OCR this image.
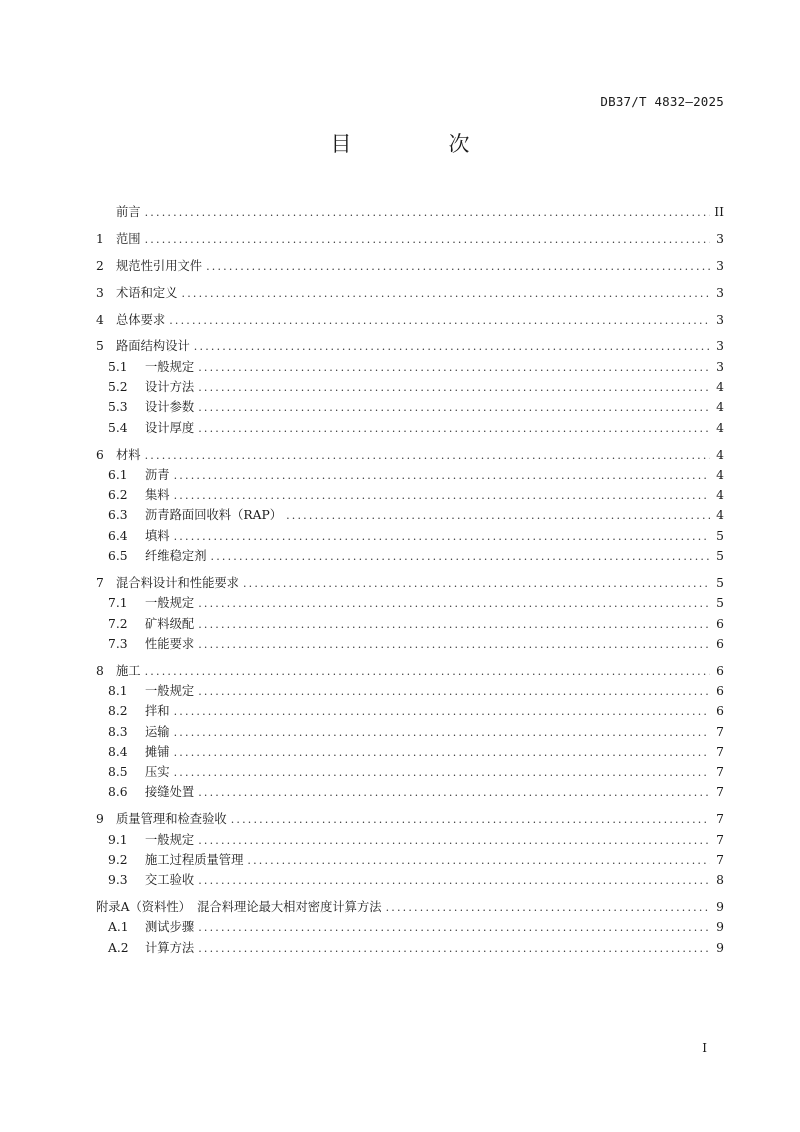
DB37/T 4832—2025
目　次
前言 .....	II
1 范围 .....	3
2 规范性引用文件 .....	3
3 术语和定义 .....	3
4 总体要求 .....	3
5 路面结构设计 .....	3
5.1	一般规定 .....	3
5.2	设计方法 .....	4
5.3	设计参数 .....	4
5.4	设计厚度 .....	4
6 材料 .....	4
6.1	沥青 .....	4
6.2	集料 .....	4
6.3	沥青路面回收料（RAP） .....	4
6.4	填料 .....	5
6.5	纤维稳定剂 .....	5
7 混合料设计和性能要求 .....	5
7.1	一般规定 .....	5
7.2	矿料级配 .....	6
7.3	性能要求 .....	6
8 施工 .....	6
8.1	一般规定 .....	6
8.2	拌和 .....	6
8.3	运输 .....	7
8.4	摊铺 .....	7
8.5	压实 .....	7
8.6	接缝处置 .....	7
9 质量管理和检查验收 .....	7
9.1	一般规定 .....	7
9.2	施工过程质量管理 .....	7
9.3	交工验收 .....	8
附录A（资料性）　混合料理论最大相对密度计算方法 .....	9
A.1	测试步骤 .....	9
A.2	计算方法 .....	9
I
